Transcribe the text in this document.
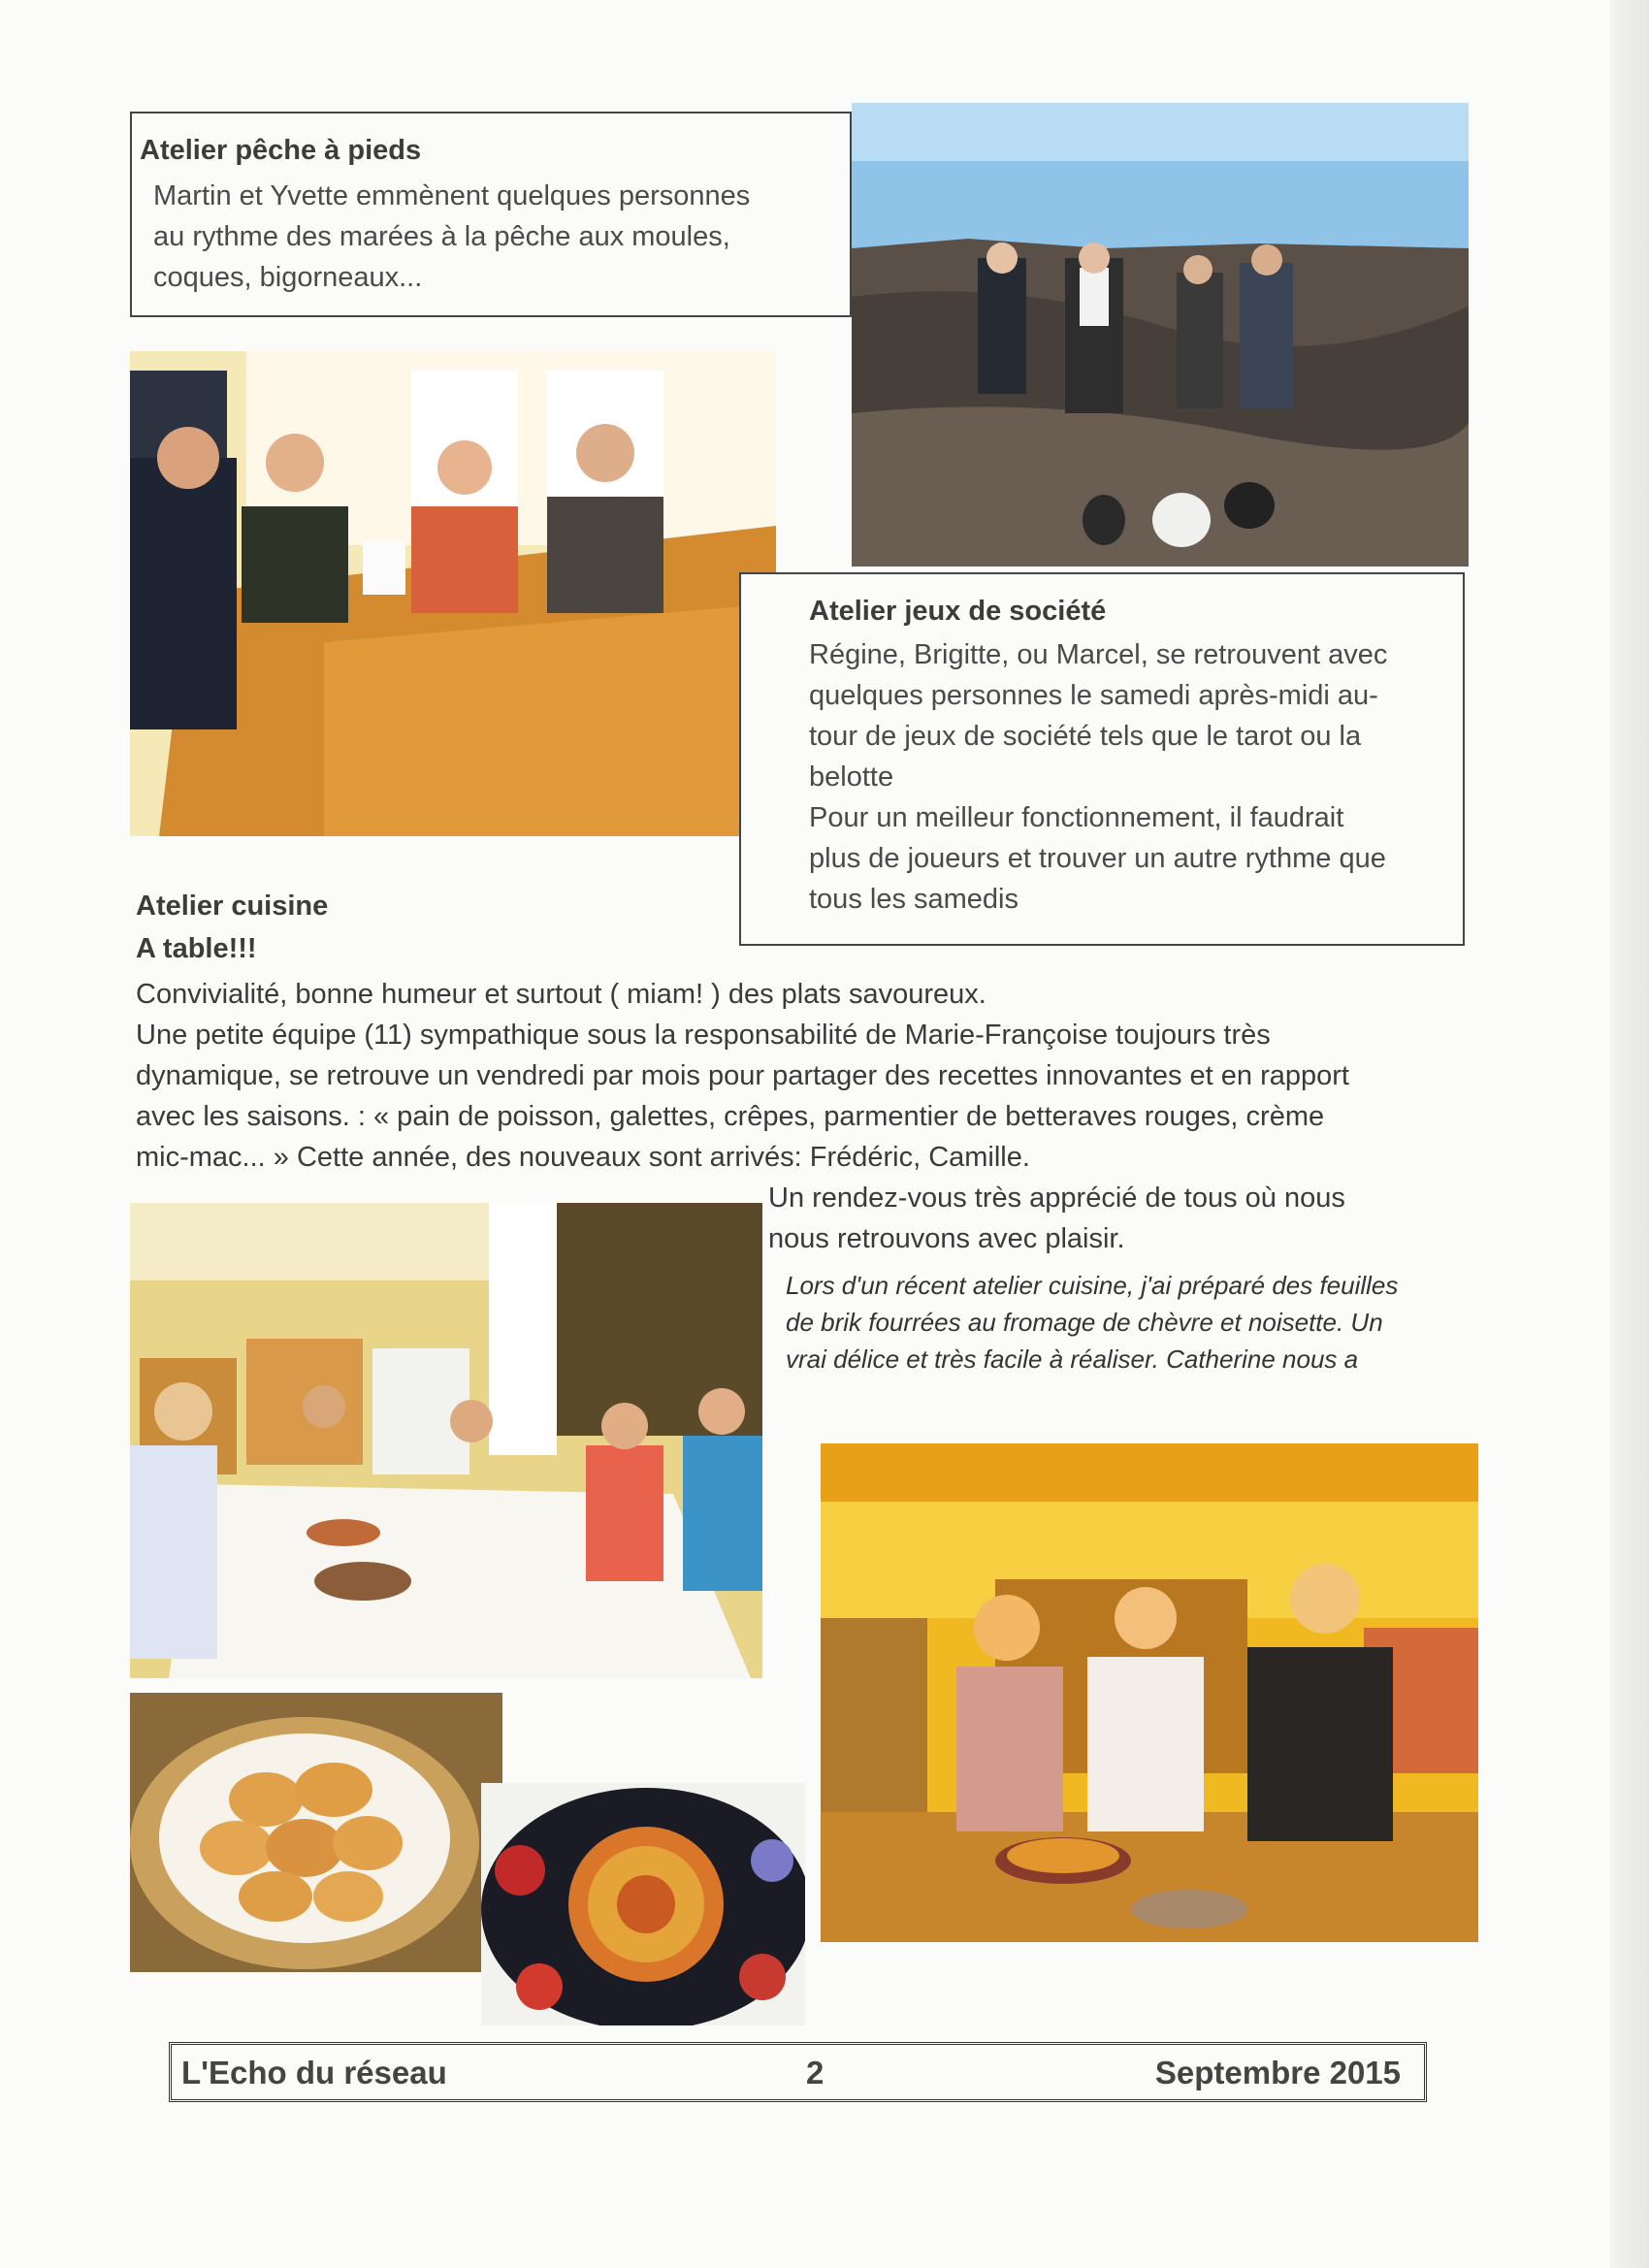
Atelier pêche à pieds
Martin et Yvette emmènent quelques personnes
au rythme des marées à la pêche aux moules,
coques, bigorneaux...
Atelier jeux de société
Régine, Brigitte, ou Marcel, se retrouvent avec
quelques personnes le samedi après-midi au-
tour de jeux de société tels que le tarot ou la
belotte
Pour un meilleur fonctionnement, il faudrait
plus de joueurs et trouver un autre rythme que
tous les samedis
Atelier cuisine
A table!!!
Convivialité, bonne humeur et surtout ( miam! ) des plats savoureux.
Une petite équipe (11) sympathique sous la responsabilité de Marie-Françoise toujours très
dynamique, se retrouve un vendredi par mois pour partager des recettes innovantes et en rapport
avec les saisons. : « pain de poisson, galettes, crêpes, parmentier de betteraves rouges, crème
mic-mac... » Cette année, des nouveaux sont arrivés: Frédéric, Camille.
Un rendez-vous très apprécié de tous où nous
nous retrouvons avec plaisir.
Lors d'un récent atelier cuisine, j'ai préparé des feuilles
de brik fourrées au fromage de chèvre et noisette. Un
vrai délice et très facile à réaliser. Catherine nous a
L'Echo du réseau	2	Septembre 2015
